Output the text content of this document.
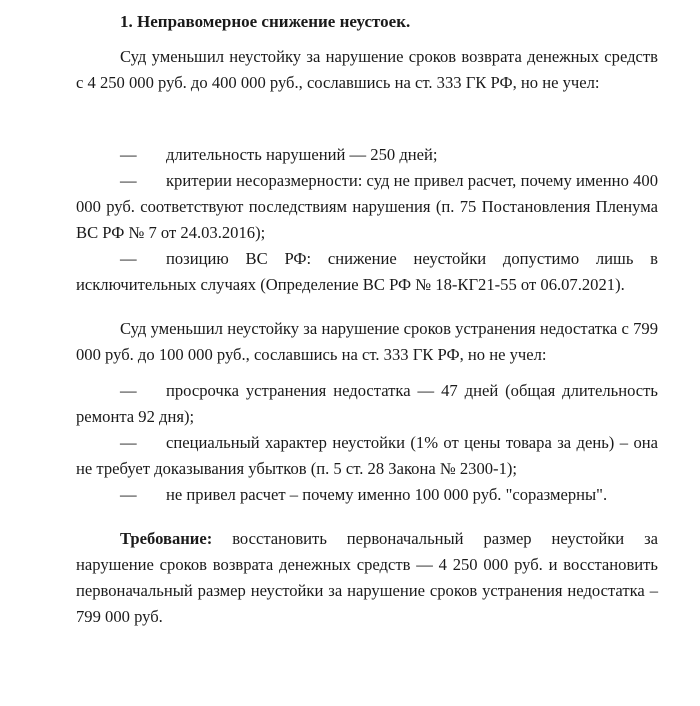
1. Неправомерное снижение неустоек.
Суд уменьшил неустойку за нарушение сроков возврата денежных средств с 4 250 000 руб. до 400 000 руб., сославшись на ст. 333 ГК РФ, но не учел:
— длительность нарушений — 250 дней;
— критерии несоразмерности: суд не привел расчет, почему именно 400 000 руб. соответствуют последствиям нарушения (п. 75 Постановления Пленума ВС РФ № 7 от 24.03.2016);
— позицию ВС РФ: снижение неустойки допустимо лишь в исключительных случаях (Определение ВС РФ № 18-КГ21-55 от 06.07.2021).
Суд уменьшил неустойку за нарушение сроков устранения недостатка с 799 000 руб. до 100 000 руб., сославшись на ст. 333 ГК РФ, но не учел:
— просрочка устранения недостатка — 47 дней (общая длительность ремонта 92 дня);
— специальный характер неустойки (1% от цены товара за день) – она не требует доказывания убытков (п. 5 ст. 28 Закона № 2300-1);
— не привел расчет – почему именно 100 000 руб. "соразмерны".
Требование: восстановить первоначальный размер неустойки за нарушение сроков возврата денежных средств — 4 250 000 руб. и восстановить первоначальный размер неустойки за нарушение сроков устранения недостатка – 799 000 руб.
